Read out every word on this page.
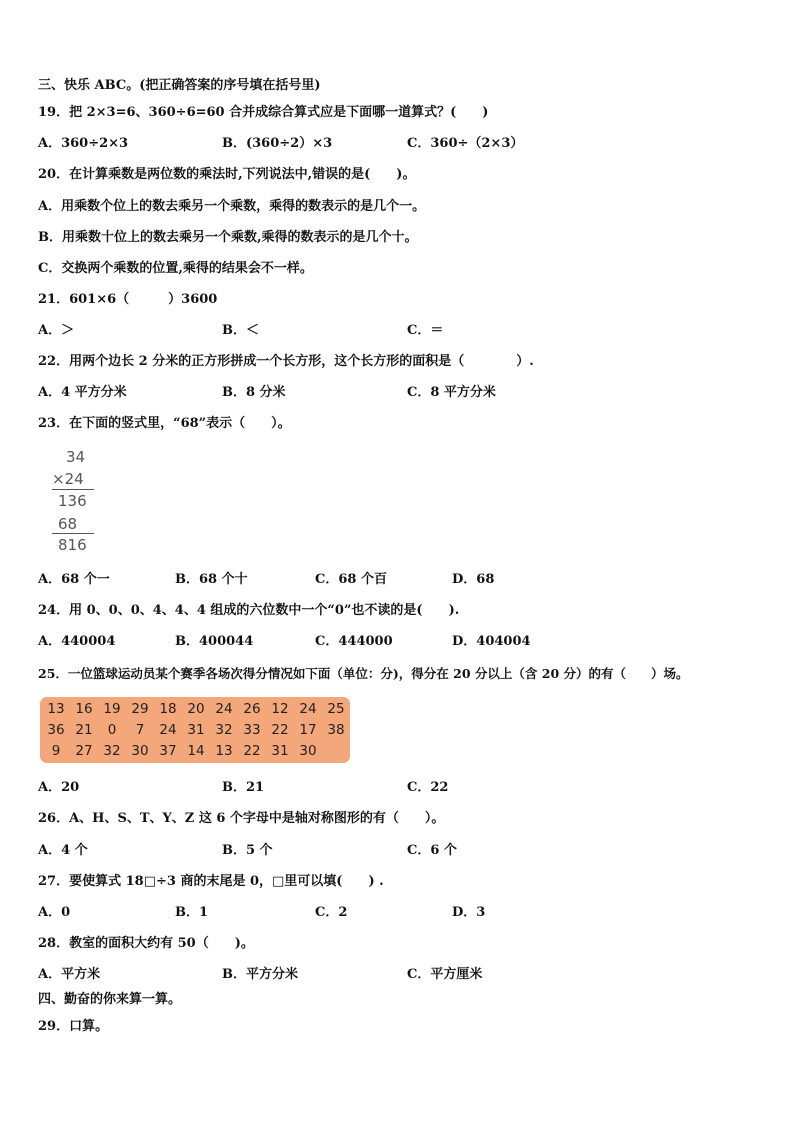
三、快乐 ABC。(把正确答案的序号填在括号里)
19．把 2×3=6、360÷6=60 合并成综合算式应是下面哪一道算式？(　　)
A．360÷2×3	B．(360÷2）×3	C．360÷（2×3）
20．在计算乘数是两位数的乘法时,下列说法中,错误的是(　　)。
A．用乘数个位上的数去乘另一个乘数，乘得的数表示的是几个一。
B．用乘数十位上的数去乘另一个乘数,乘得的数表示的是几个十。
C．交换两个乘数的位置,乘得的结果会不一样。
21．601×6（　　　）3600
A．＞	B．＜	C．＝
22．用两个边长 2 分米的正方形拼成一个长方形，这个长方形的面积是（　　　　）.
A．4 平方分米	B．8 分米	C．8 平方分米
23．在下面的竖式里，“68”表示（　　）。
34
×24
136
68
816
A．68 个一	B．68 个十	C．68 个百	D．68
24．用 0、0、0、4、4、4 组成的六位数中一个“0”也不读的是(　　).
A．440004	B．400044	C．444000	D．404004
25．一位篮球运动员某个赛季各场次得分情况如下面（单位：分)，得分在 20 分以上（含 20 分）的有（　　）场。
13 16 19 29 18 20 24 26 12 24 25
36 21	0	7	24 31 32 33 22 17 38
9	27 32 30 37 14 13 22 31 30
A．20	B．21	C．22
26．A、H、S、T、Y、Z 这 6 个字母中是轴对称图形的有（　　）。
A．4 个	B．5 个	C．6 个
27．要使算式 18□÷3 商的末尾是 0，□里可以填(　　) .
A．0	B．1	C．2	D．3
28．教室的面积大约有 50（　　)。
A．平方米	B．平方分米	C．平方厘米
四、勤奋的你来算一算。
29．口算。
